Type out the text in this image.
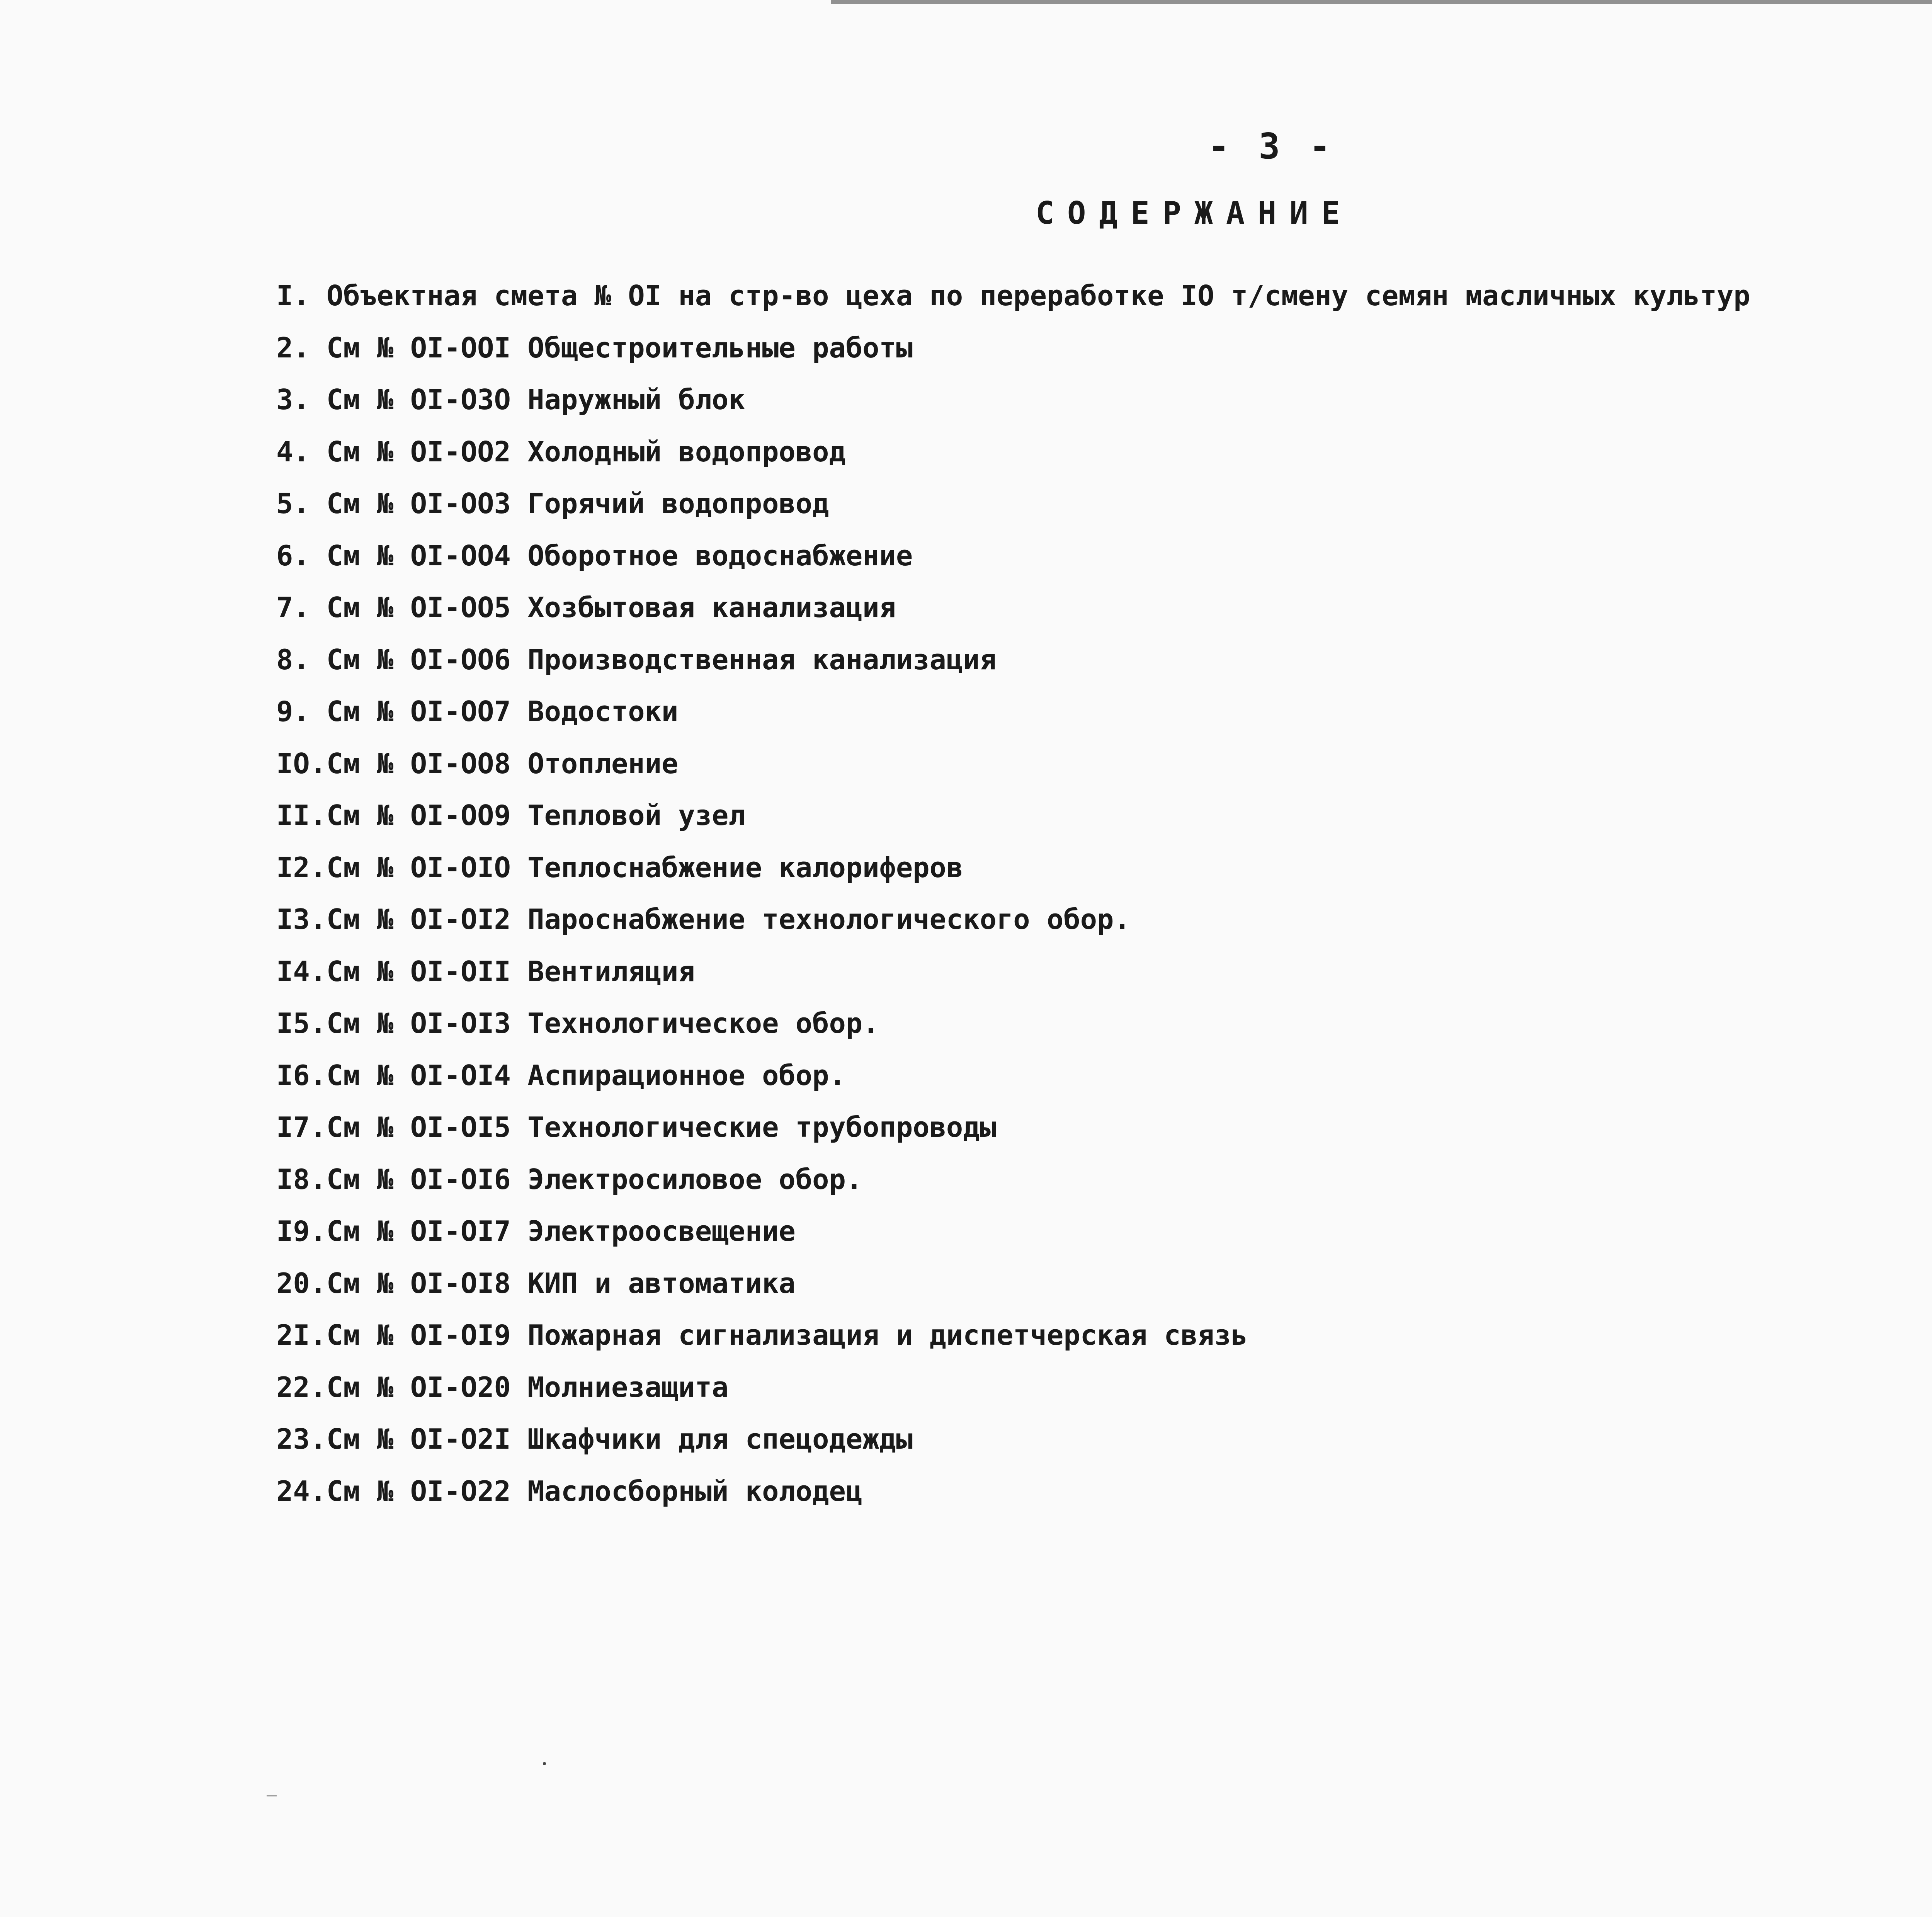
- 3 -
СОДЕРЖАНИЕ
I. Объектная смета № OI на стр-во цеха по переработке IO т/смену семян масличных культур
2. См № OI-OOI Общестроительные работы
3. См № OI-O3O Наружный блок
4. См № OI-OO2 Холодный водопровод
5. См № OI-OO3 Горячий водопровод
6. См № OI-OO4 Оборотное водоснабжение
7. См № OI-OO5 Хозбытовая канализация
8. См № OI-OO6 Производственная канализация
9. См № OI-OO7 Водостоки
IO.См № OI-OO8 Отопление
II.См № OI-OO9 Тепловой узел
I2.См № OI-OIO Теплоснабжение калориферов
I3.См № OI-OI2 Пароснабжение технологического обор.
I4.См № OI-OII Вентиляция
I5.См № OI-OI3 Технологическое обор.
I6.См № OI-OI4 Аспирационное обор.
I7.См № OI-OI5 Технологические трубопроводы
I8.См № OI-OI6 Электросиловое обор.
I9.См № OI-OI7 Электроосвещение
20.См № OI-OI8 КИП и автоматика
2I.См № OI-OI9 Пожарная сигнализация и диспетчерская связь
22.См № OI-O20 Молниезащита
23.См № OI-O2I Шкафчики для спецодежды
24.См № OI-O22 Маслосборный колодец
